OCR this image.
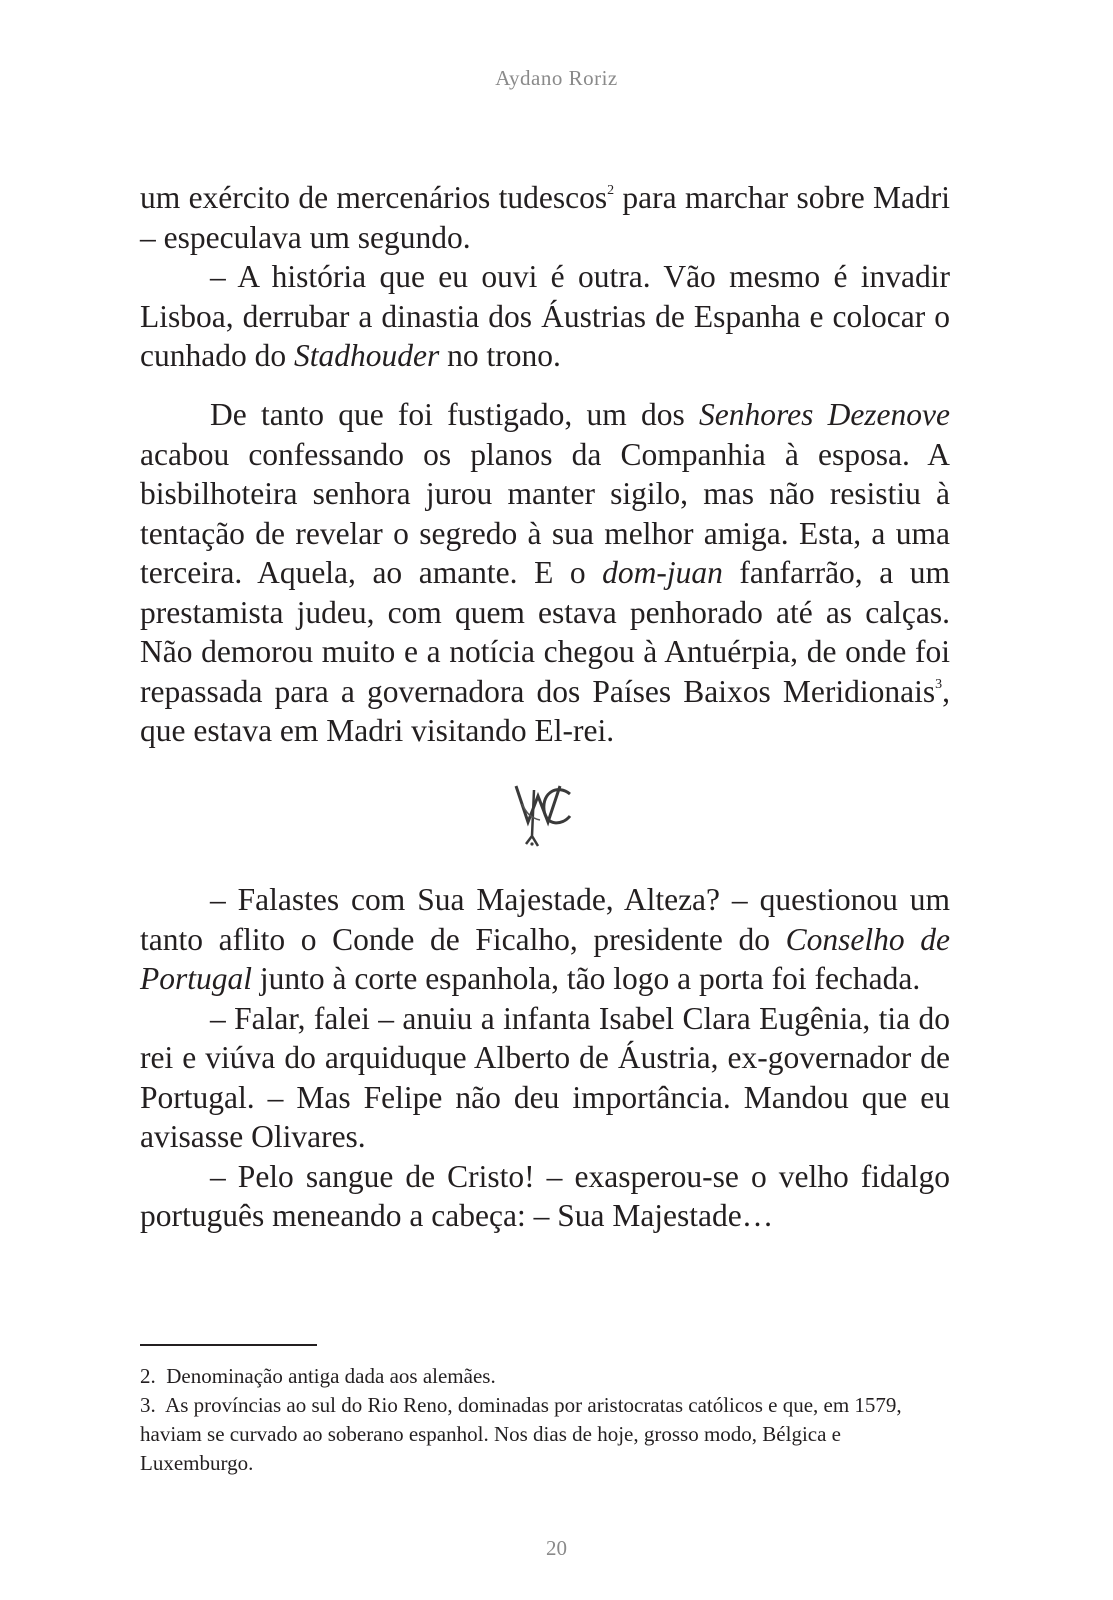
Aydano Roriz

um exército de mercenários tudescos$^2$ para marchar sobre Madri – especulava um segundo.

– A história que eu ouvi é outra. Vão mesmo é invadir Lisboa, derrubar a dinastia dos Áustrias de Espanha e colocar o cunhado do Stadhouder no trono.

De tanto que foi fustigado, um dos Senhores Dezenove acabou confessando os planos da Companhia à esposa. A bisbilhoteira senhora jurou manter sigilo, mas não resistiu à tentação de revelar o segredo à sua melhor amiga. Esta, a uma terceira. Aquela, ao amante. E o dom-juan fanfarrão, a um prestamista judeu, com quem estava penhorado até as calças. Não demorou muito e a notícia chegou à Antuérpia, de onde foi repassada para a governadora dos Países Baixos Meridionais$^3$, que estava em Madri visitando El-rei.

– Falastes com Sua Majestade, Alteza? – questionou um tanto aflito o Conde de Ficalho, presidente do Conselho de Portugal junto à corte espanhola, tão logo a porta foi fechada.

– Falar, falei – anuiu a infanta Isabel Clara Eugênia, tia do rei e viúva do arquiduque Alberto de Áustria, ex-governador de Portugal. – Mas Felipe não deu importância. Mandou que eu avisasse Olivares.

– Pelo sangue de Cristo! – exasperou-se o velho fidalgo português meneando a cabeça: – Sua Majestade…

2. Denominação antiga dada aos alemães.

3. As províncias ao sul do Rio Reno, dominadas por aristocratas católicos e que, em 1579, haviam se curvado ao soberano espanhol. Nos dias de hoje, grosso modo, Bélgica e Luxemburgo.

20
